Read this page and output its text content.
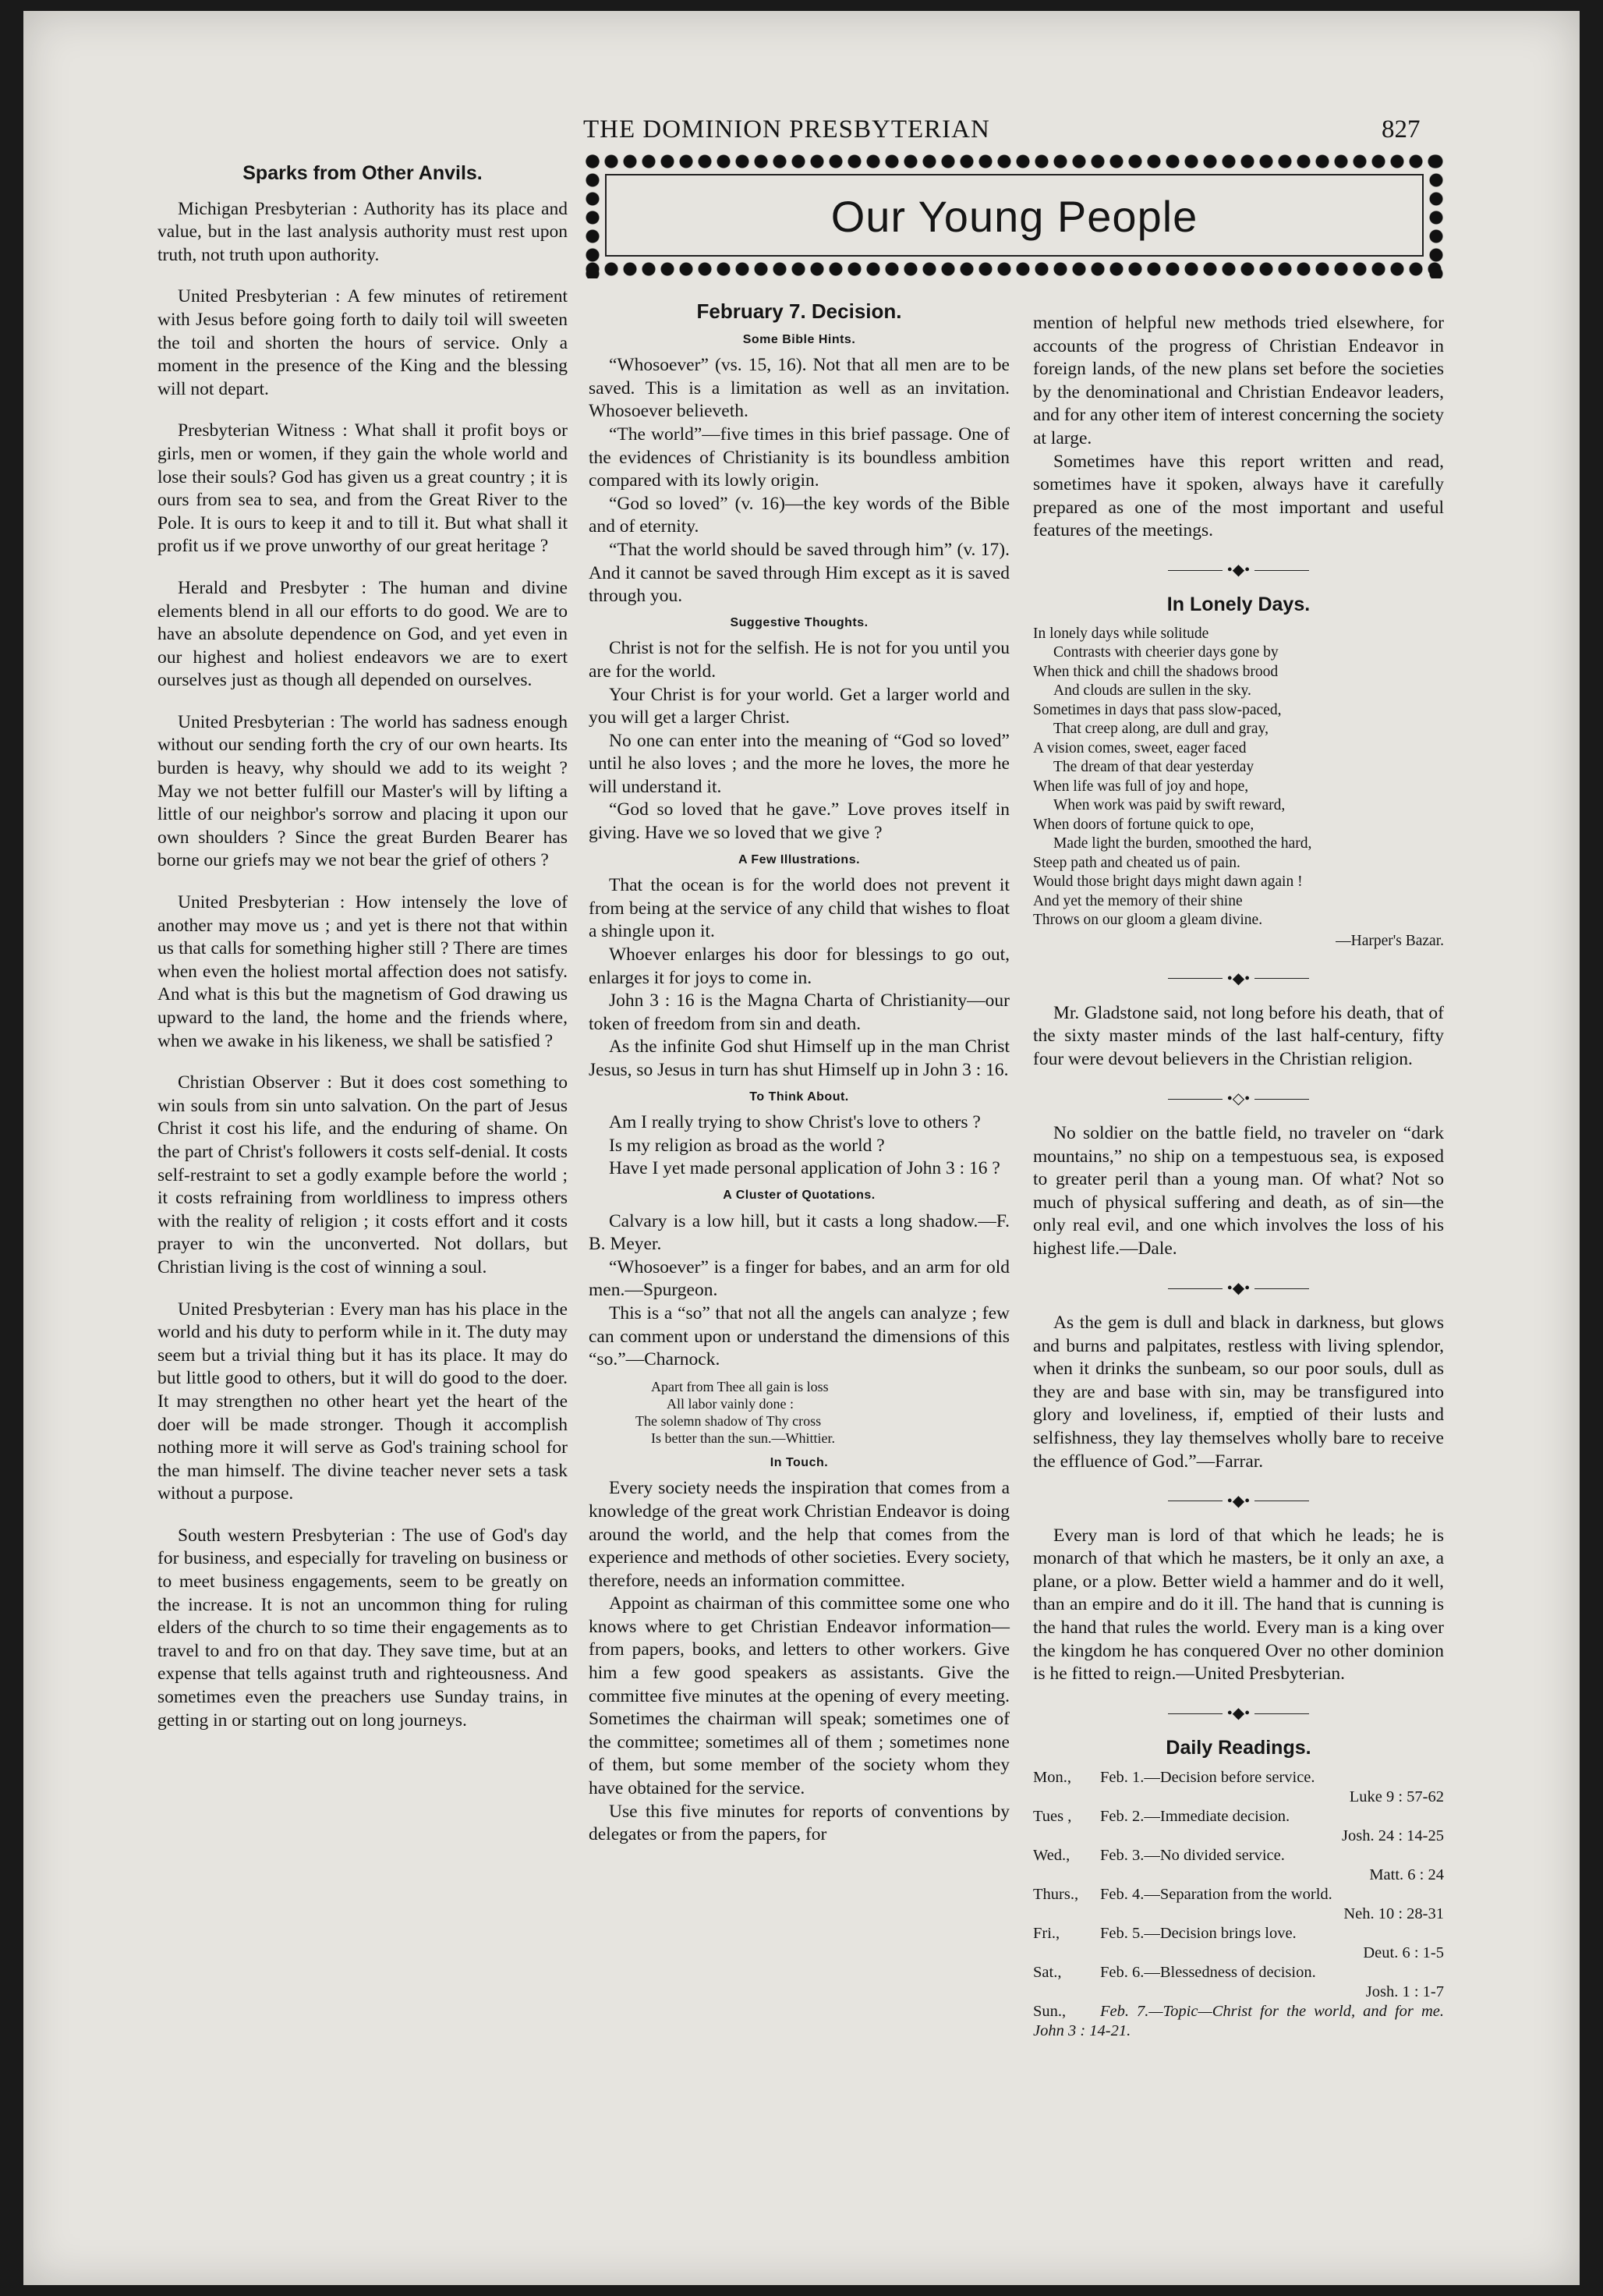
THE DOMINION PRESBYTERIAN	827
Sparks from Other Anvils.

Michigan Presbyterian : Authority has its place and value, but in the last analysis authority must rest upon truth, not truth upon authority.

United Presbyterian : A few minutes of retirement with Jesus before going forth to daily toil will sweeten the toil and shorten the hours of service. Only a moment in the presence of the King and the blessing will not depart.

Presbyterian Witness : What shall it profit boys or girls, men or women, if they gain the whole world and lose their souls? God has given us a great country ; it is ours from sea to sea, and from the Great River to the Pole. It is ours to keep it and to till it. But what shall it profit us if we prove unworthy of our great heritage ?

Herald and Presbyter : The human and divine elements blend in all our efforts to do good. We are to have an absolute dependence on God, and yet even in our highest and holiest endeavors we are to exert ourselves just as though all depended on ourselves.

United Presbyterian : The world has sadness enough without our sending forth the cry of our own hearts. Its burden is heavy, why should we add to its weight ? May we not better fulfill our Master's will by lifting a little of our neighbor's sorrow and placing it upon our own shoulders ? Since the great Burden Bearer has borne our griefs may we not bear the grief of others ?

United Presbyterian : How intensely the love of another may move us ; and yet is there not that within us that calls for something higher still ? There are times when even the holiest mortal affection does not satisfy. And what is this but the magnetism of God drawing us upward to the land, the home and the friends where, when we awake in his likeness, we shall be satisfied ?

Christian Observer : But it does cost something to win souls from sin unto salvation. On the part of Jesus Christ it cost his life, and the enduring of shame. On the part of Christ's followers it costs self-denial. It costs self-restraint to set a godly example before the world ; it costs refraining from worldliness to impress others with the reality of religion ; it costs effort and it costs prayer to win the unconverted. Not dollars, but Christian living is the cost of winning a soul.

United Presbyterian : Every man has his place in the world and his duty to perform while in it. The duty may seem but a trivial thing but it has its place. It may do but little good to others, but it will do good to the doer. It may strengthen no other heart yet the heart of the doer will be made stronger. Though it accomplish nothing more it will serve as God's training school for the man himself. The divine teacher never sets a task without a purpose.

South western Presbyterian : The use of God's day for business, and especially for traveling on business or to meet business engagements, seem to be greatly on the increase. It is not an uncommon thing for ruling elders of the church to so time their engagements as to travel to and fro on that day. They save time, but at an expense that tells against truth and righteousness. And sometimes even the preachers use Sunday trains, in getting in or starting out on long journeys.

Our Young People
February 7. Decision.
Some Bible Hints.

“Whosoever” (vs. 15, 16). Not that all men are to be saved. This is a limitation as well as an invitation. Whosoever believeth.

“The world”—five times in this brief passage. One of the evidences of Christianity is its boundless ambition compared with its lowly origin.

“God so loved” (v. 16)—the key words of the Bible and of eternity.

“That the world should be saved through him” (v. 17). And it cannot be saved through Him except as it is saved through you.

Suggestive Thoughts.

Christ is not for the selfish. He is not for you until you are for the world.

Your Christ is for your world. Get a larger world and you will get a larger Christ.

No one can enter into the meaning of “God so loved” until he also loves ; and the more he loves, the more he will understand it.

“God so loved that he gave.” Love proves itself in giving. Have we so loved that we give ?

A Few Illustrations.

That the ocean is for the world does not prevent it from being at the service of any child that wishes to float a shingle upon it.

Whoever enlarges his door for blessings to go out, enlarges it for joys to come in.

John 3 : 16 is the Magna Charta of Christianity—our token of freedom from sin and death.

As the infinite God shut Himself up in the man Christ Jesus, so Jesus in turn has shut Himself up in John 3 : 16.

To Think About.

Am I really trying to show Christ's love to others ?

Is my religion as broad as the world ?

Have I yet made personal application of John 3 : 16 ?

A Cluster of Quotations.

Calvary is a low hill, but it casts a long shadow.—F. B. Meyer.

“Whosoever” is a finger for babes, and an arm for old men.—Spurgeon.

This is a “so” that not all the angels can analyze ; few can comment upon or understand the dimensions of this “so.”—Charnock.

Apart from Thee all gain is loss
All labor vainly done :
The solemn shadow of Thy cross
Is better than the sun.—Whittier.
In Touch.

Every society needs the inspiration that comes from a knowledge of the great work Christian Endeavor is doing around the world, and the help that comes from the experience and methods of other societies. Every society, therefore, needs an information committee.

Appoint as chairman of this committee some one who knows where to get Christian Endeavor information—from papers, books, and letters to other workers. Give him a few good speakers as assistants. Give the committee five minutes at the opening of every meeting. Sometimes the chairman will speak; sometimes one of the committee; sometimes all of them ; sometimes none of them, but some member of the society whom they have obtained for the service.

Use this five minutes for reports of conventions by delegates or from the papers, for

mention of helpful new methods tried elsewhere, for accounts of the progress of Christian Endeavor in foreign lands, of the new plans set before the societies by the denominational and Christian Endeavor leaders, and for any other item of interest concerning the society at large.

Sometimes have this report written and read, sometimes have it spoken, always have it carefully prepared as one of the most important and useful features of the meetings.

•◆•
In Lonely Days.
In lonely days while solitude
Contrasts with cheerier days gone by
When thick and chill the shadows brood
And clouds are sullen in the sky.
Sometimes in days that pass slow-paced,
That creep along, are dull and gray,
A vision comes, sweet, eager faced
The dream of that dear yesterday
When life was full of joy and hope,
When work was paid by swift reward,
When doors of fortune quick to ope,
Made light the burden, smoothed the hard,
Steep path and cheated us of pain.
Would those bright days might dawn again !
And yet the memory of their shine
Throws on our gloom a gleam divine.
—Harper's Bazar.
•◆•

Mr. Gladstone said, not long before his death, that of the sixty master minds of the last half-century, fifty four were devout believers in the Christian religion.

•◇•

No soldier on the battle field, no traveler on “dark mountains,” no ship on a tempestuous sea, is exposed to greater peril than a young man. Of what? Not so much of physical suffering and death, as of sin—the only real evil, and one which involves the loss of his highest life.—Dale.

•◆•

As the gem is dull and black in darkness, but glows and burns and palpitates, restless with living splendor, when it drinks the sunbeam, so our poor souls, dull as they are and base with sin, may be transfigured into glory and loveliness, if, emptied of their lusts and selfishness, they lay themselves wholly bare to receive the effluence of God.”—Farrar.

•◆•

Every man is lord of that which he leads; he is monarch of that which he masters, be it only an axe, a plane, or a plow. Better wield a hammer and do it well, than an empire and do it ill. The hand that is cunning is the hand that rules the world. Every man is a king over the kingdom he has conquered Over no other dominion is he fitted to reign.—United Presbyterian.

•◆•
Daily Readings.
Mon., Feb. 1.—Decision before service.
Luke 9 : 57-62
Tues , Feb. 2.—Immediate decision.
Josh. 24 : 14-25
Wed., Feb. 3.—No divided service.
Matt. 6 : 24
Thurs., Feb. 4.—Separation from the world.
Neh. 10 : 28-31
Fri.,	Feb. 5.—Decision brings love.
Deut. 6 : 1-5
Sat., Feb. 6.—Blessedness of decision.
Josh. 1 : 1-7
Sun., Feb. 7.—Topic—Christ for the world, and for me. John 3 : 14-21.
